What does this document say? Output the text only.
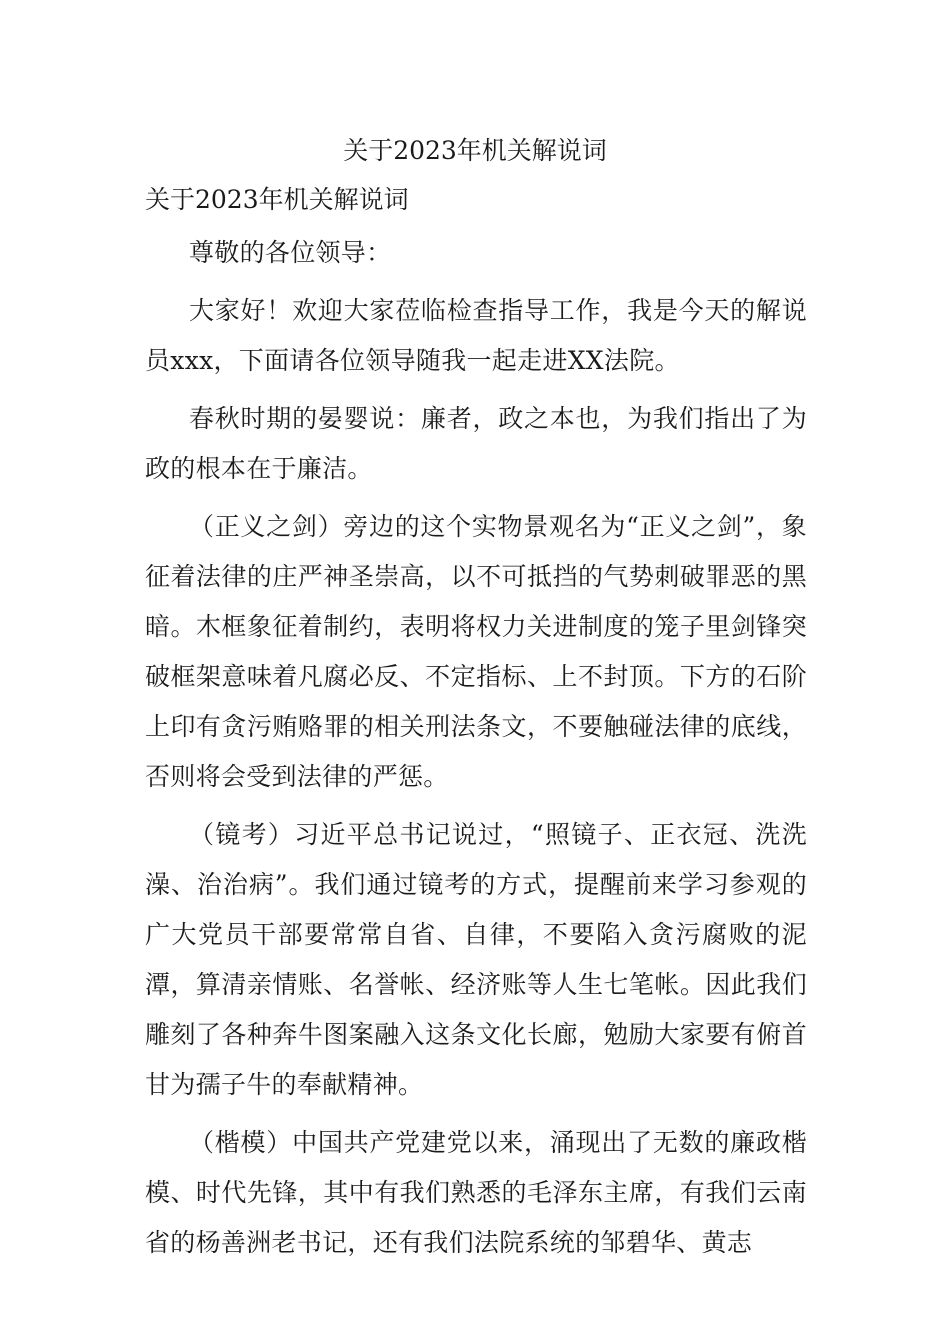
关于2023年机关解说词
关于2023年机关解说词

尊敬的各位领导：

大家好！欢迎大家莅临检查指导工作，我是今天的解说员xxx，下面请各位领导随我一起走进XX法院。

春秋时期的晏婴说：廉者，政之本也，为我们指出了为政的根本在于廉洁。

（正义之剑）旁边的这个实物景观名为“正义之剑”，象征着法律的庄严神圣崇高，以不可抵挡的气势刺破罪恶的黑暗。木框象征着制约，表明将权力关进制度的笼子里剑锋突破框架意味着凡腐必反、不定指标、上不封顶。下方的石阶上印有贪污贿赂罪的相关刑法条文，不要触碰法律的底线，否则将会受到法律的严惩。

（镜考）习近平总书记说过，“照镜子、正衣冠、洗洗澡、治治病”。我们通过镜考的方式，提醒前来学习参观的广大党员干部要常常自省、自律，不要陷入贪污腐败的泥潭，算清亲情账、名誉帐、经济账等人生七笔帐。因此我们雕刻了各种奔牛图案融入这条文化长廊，勉励大家要有俯首甘为孺子牛的奉献精神。

（楷模）中国共产党建党以来，涌现出了无数的廉政楷模、时代先锋，其中有我们熟悉的毛泽东主席，有我们云南省的杨善洲老书记，还有我们法院系统的邹碧华、黄志
